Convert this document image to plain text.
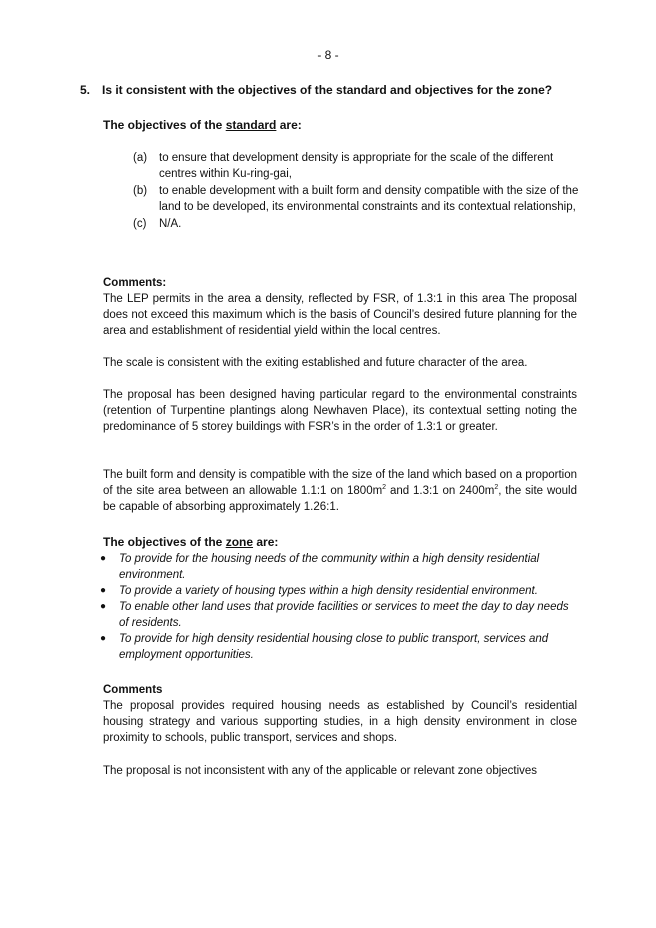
- 8 -
5. Is it consistent with the objectives of the standard and objectives for the zone?
The objectives of the standard are:
(a)	to ensure that development density is appropriate for the scale of the different centres within Ku-ring-gai,
(b)	to enable development with a built form and density compatible with the size of the land to be developed, its environmental constraints and its contextual relationship,
(c)	N/A.
Comments:
The LEP permits in the area a density, reflected by FSR, of 1.3:1 in this area The proposal does not exceed this maximum which is the basis of Council’s desired future planning for the area and establishment of residential yield within the local centres.
The scale is consistent with the exiting established and future character of the area.
The proposal has been designed having particular regard to the environmental constraints (retention of Turpentine plantings along Newhaven Place), its contextual setting noting the predominance of 5 storey buildings with FSR’s in the order of 1.3:1 or greater.
The built form and density is compatible with the size of the land which based on a proportion of the site area between an allowable 1.1:1 on $1800m^2$ and 1.3:1 on $2400m^2$, the site would be capable of absorbing approximately 1.26:1.
The objectives of the zone are:
●	To provide for the housing needs of the community within a high density residential environment.
●	To provide a variety of housing types within a high density residential environment.
●	To enable other land uses that provide facilities or services to meet the day to day needs of residents.
●	To provide for high density residential housing close to public transport, services and employment opportunities.
Comments
The proposal provides required housing needs as established by Council’s residential housing strategy and various supporting studies, in a high density environment in close proximity to schools, public transport, services and shops.
The proposal is not inconsistent with any of the applicable or relevant zone objectives
